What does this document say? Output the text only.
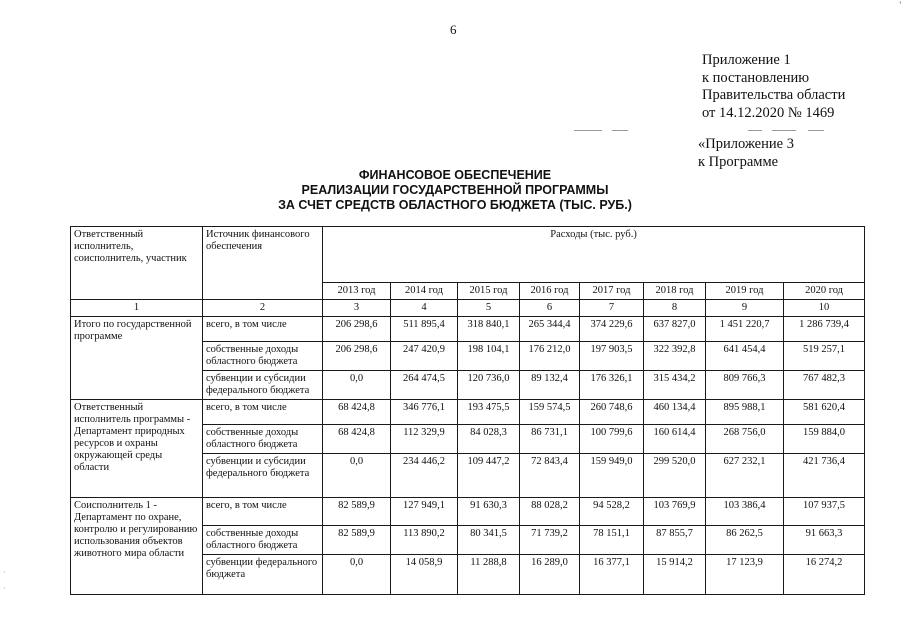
6
Приложение 1
к постановлению
Правительства области
от 14.12.2020 № 1469
«Приложение 3
к Программе
ФИНАНСОВОЕ ОБЕСПЕЧЕНИЕ
РЕАЛИЗАЦИИ ГОСУДАРСТВЕННОЙ ПРОГРАММЫ
ЗА СЧЕТ СРЕДСТВ ОБЛАСТНОГО БЮДЖЕТА (ТЫС. РУБ.)
'
·
·
Ответственный исполнитель, соисполнитель, участник	Источник финансового обеспечения	Расходы (тыс. руб.)							
		2013 год	2014 год	2015 год	2016 год	2017 год	2018 год	2019 год	2020 год
1	2	3	4	5	6	7	8	9	10
Итого по государственной программе	всего, в том числе	206 298,6	511 895,4	318 840,1	265 344,4	374 229,6	637 827,0	1 451 220,7	1 286 739,4
	собственные доходы областного бюджета	206 298,6	247 420,9	198 104,1	176 212,0	197 903,5	322 392,8	641 454,4	519 257,1
	субвенции и субсидии федерального бюджета	0,0	264 474,5	120 736,0	89 132,4	176 326,1	315 434,2	809 766,3	767 482,3
Ответственный исполнитель программы - Департамент природных ресурсов и охраны окружающей среды области	всего, в том числе	68 424,8	346 776,1	193 475,5	159 574,5	260 748,6	460 134,4	895 988,1	581 620,4
	собственные доходы областного бюджета	68 424,8	112 329,9	84 028,3	86 731,1	100 799,6	160 614,4	268 756,0	159 884,0
	субвенции и субсидии федерального бюджета	0,0	234 446,2	109 447,2	72 843,4	159 949,0	299 520,0	627 232,1	421 736,4
Соисполнитель 1 - Департамент по охране, контролю и регулированию использования объектов животного мира области	всего, в том числе	82 589,9	127 949,1	91 630,3	88 028,2	94 528,2	103 769,9	103 386,4	107 937,5
	собственные доходы областного бюджета	82 589,9	113 890,2	80 341,5	71 739,2	78 151,1	87 855,7	86 262,5	91 663,3
	субвенции федерального бюджета	0,0	14 058,9	11 288,8	16 289,0	16 377,1	15 914,2	17 123,9	16 274,2
